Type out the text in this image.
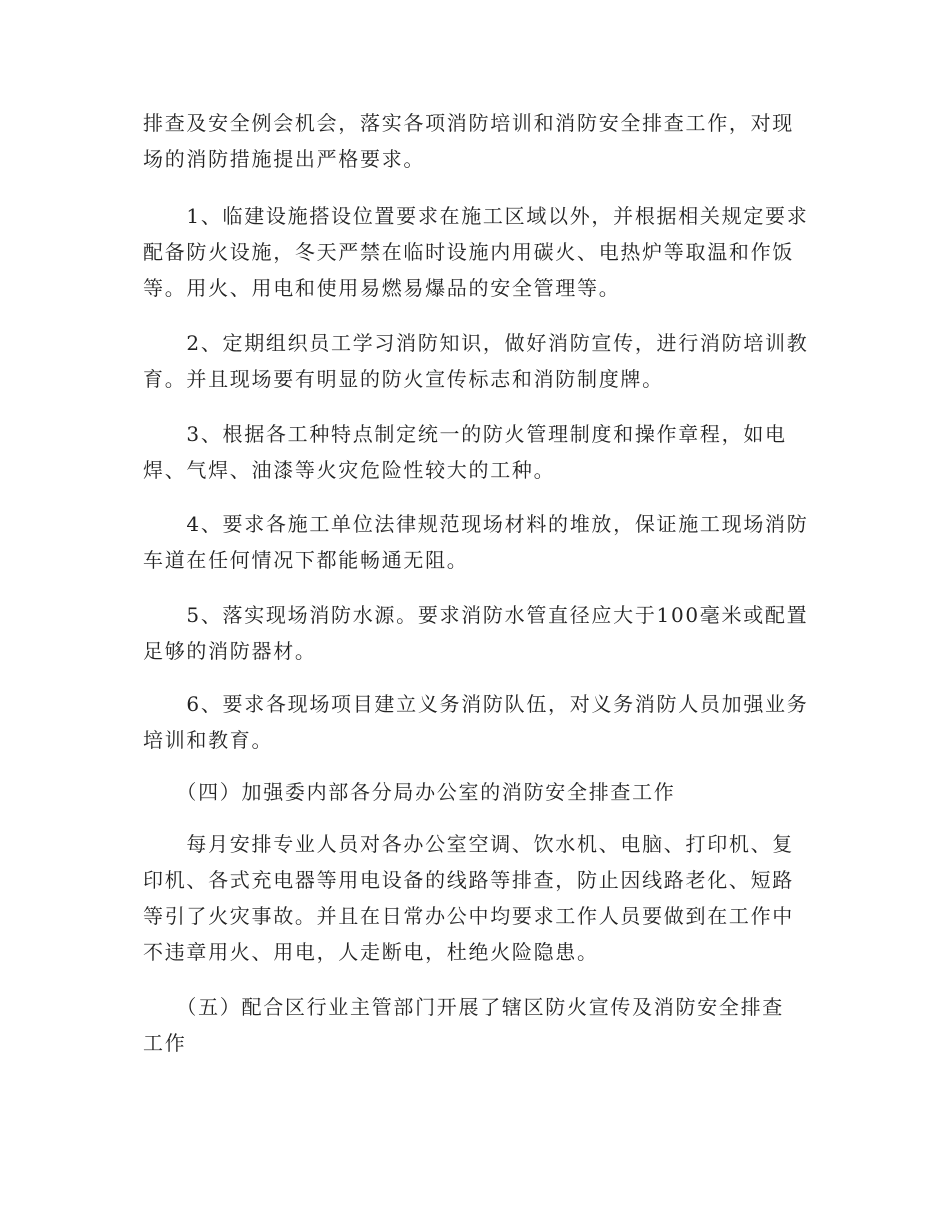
排查及安全例会机会，落实各项消防培训和消防安全排查工作，对现
场的消防措施提出严格要求。
　　1、临建设施搭设位置要求在施工区域以外，并根据相关规定要求
配备防火设施，冬天严禁在临时设施内用碳火、电热炉等取温和作饭
等。用火、用电和使用易燃易爆品的安全管理等。
　　2、定期组织员工学习消防知识，做好消防宣传，进行消防培训教
育。并且现场要有明显的防火宣传标志和消防制度牌。
　　3、根据各工种特点制定统一的防火管理制度和操作章程，如电
焊、气焊、油漆等火灾危险性较大的工种。
　　4、要求各施工单位法律规范现场材料的堆放，保证施工现场消防
车道在任何情况下都能畅通无阻。
　　5、落实现场消防水源。要求消防水管直径应大于100毫米或配置
足够的消防器材。
　　6、要求各现场项目建立义务消防队伍，对义务消防人员加强业务
培训和教育。
　　（四）加强委内部各分局办公室的消防安全排查工作
　　每月安排专业人员对各办公室空调、饮水机、电脑、打印机、复
印机、各式充电器等用电设备的线路等排查，防止因线路老化、短路
等引了火灾事故。并且在日常办公中均要求工作人员要做到在工作中
不违章用火、用电，人走断电，杜绝火险隐患。
　　（五）配合区行业主管部门开展了辖区防火宣传及消防安全排查
工作
